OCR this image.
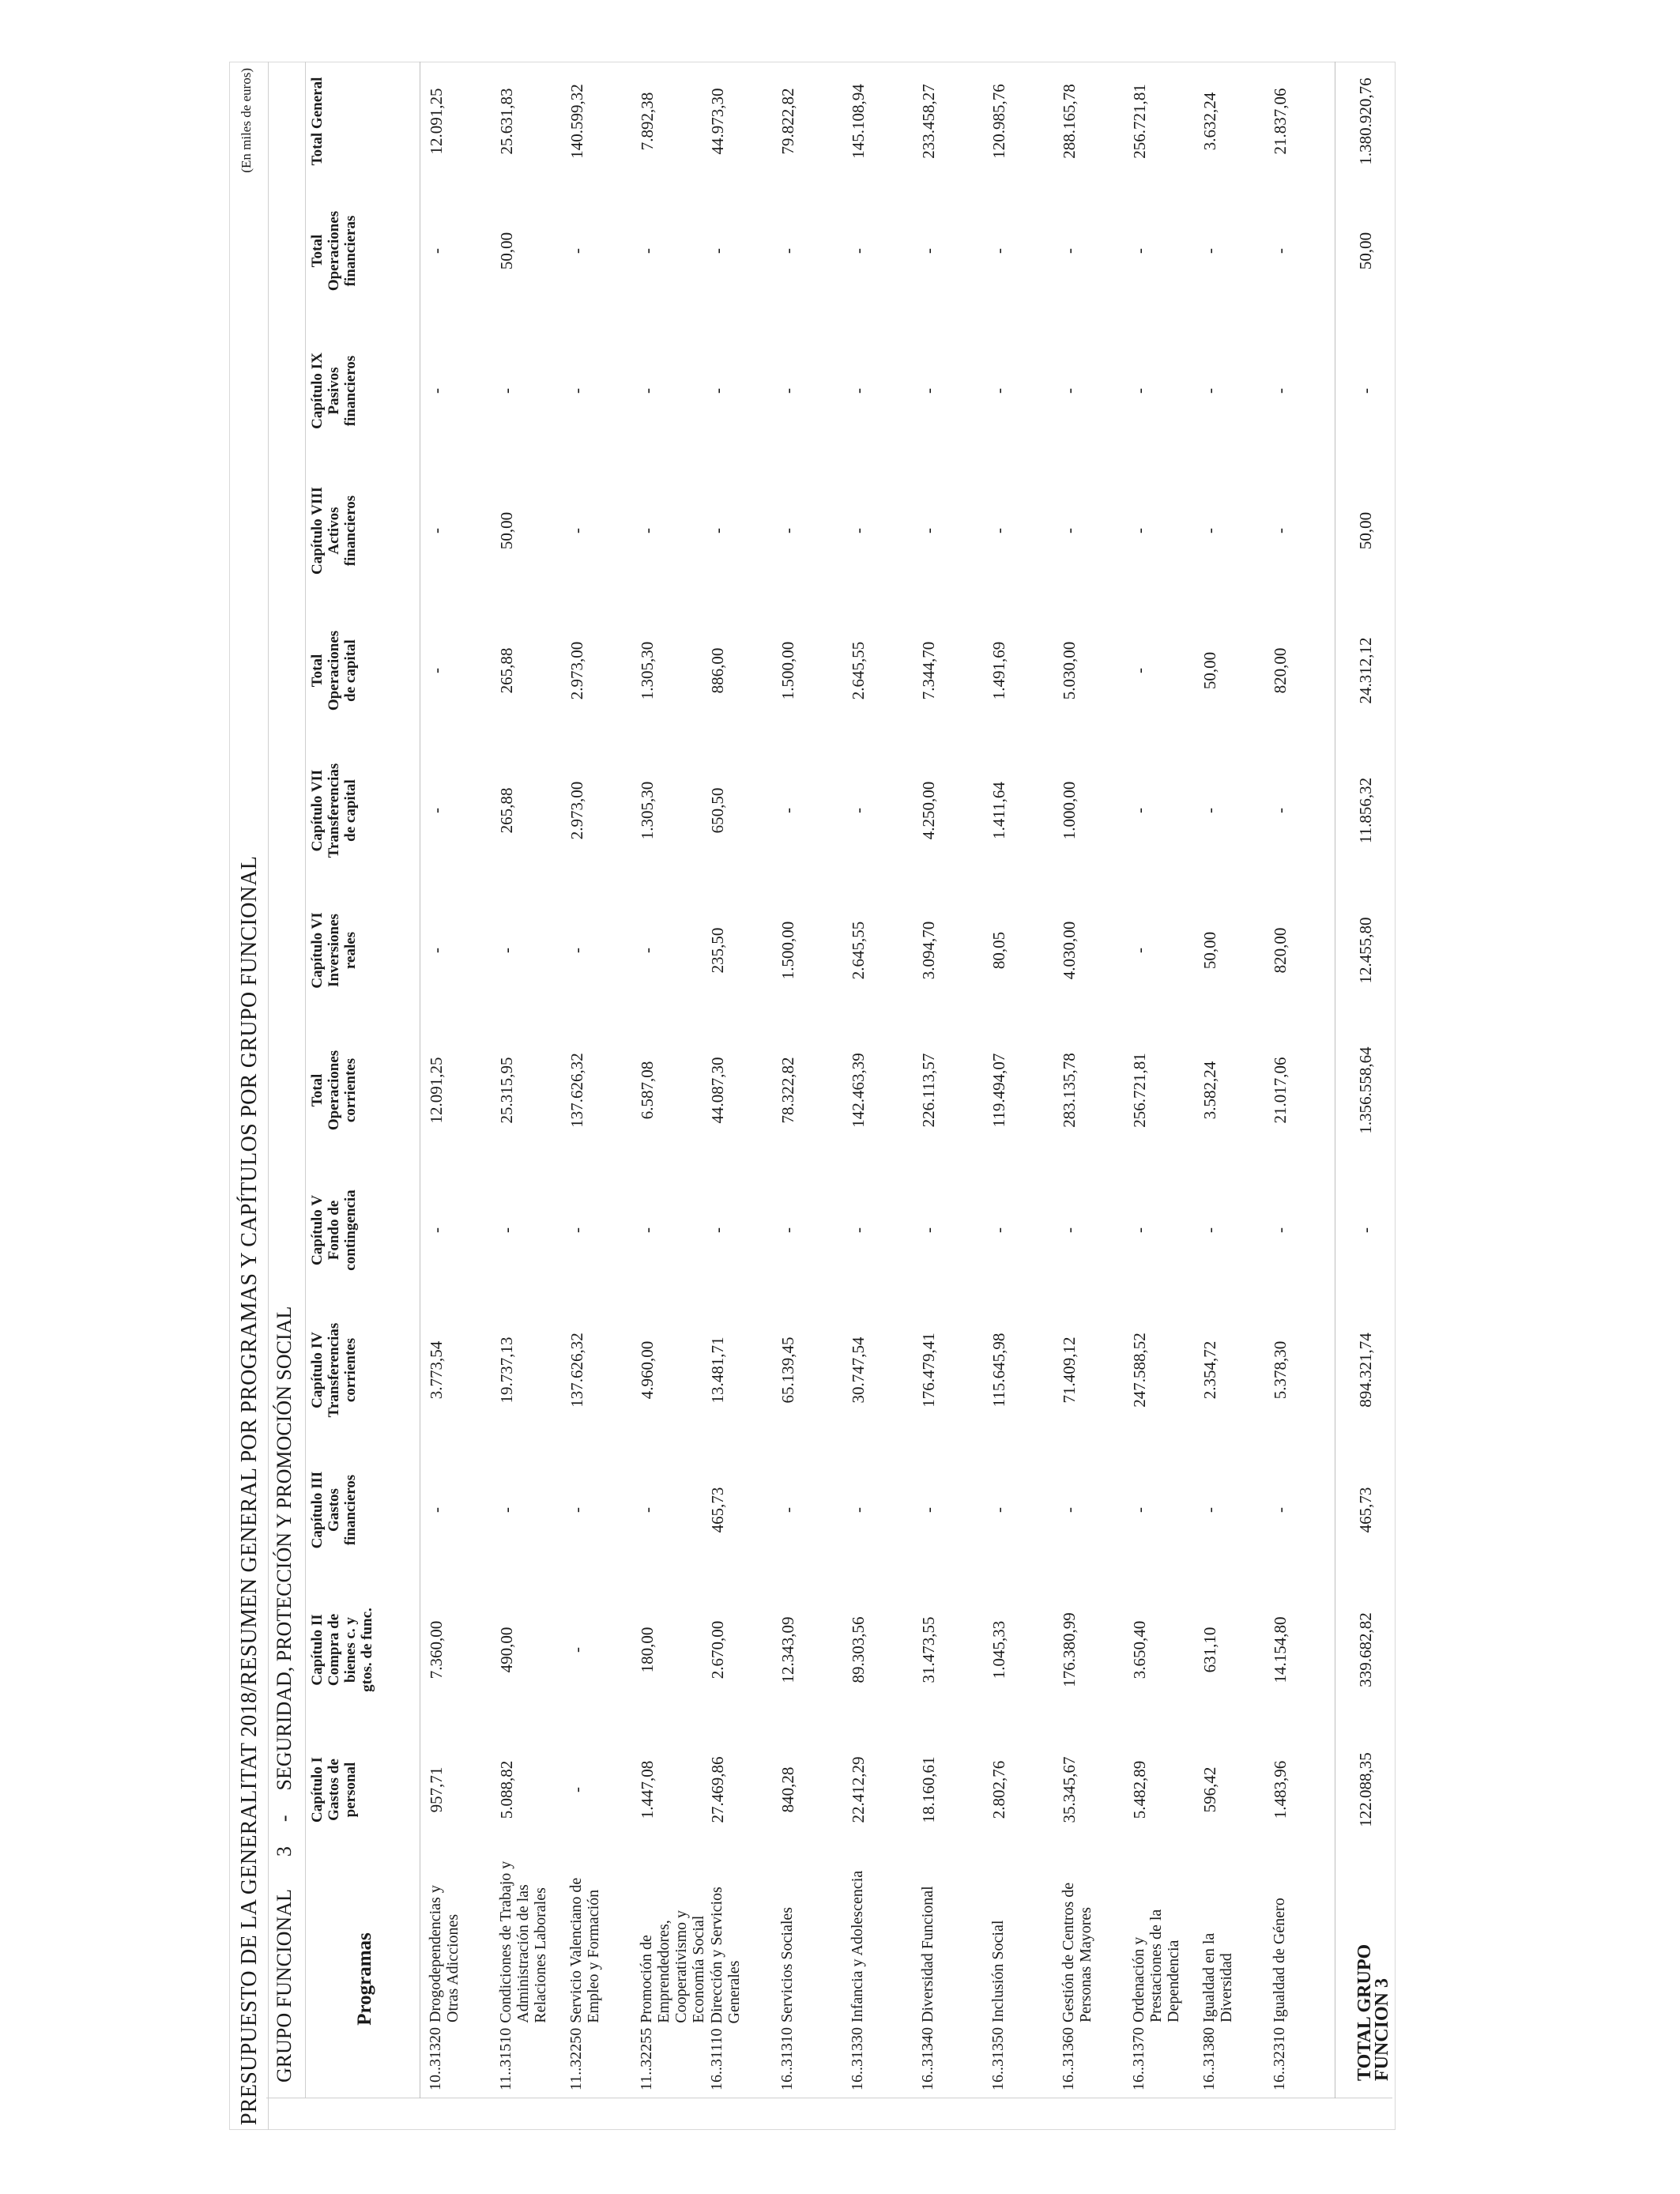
PRESUPUESTO DE LA GENERALITAT 2018/RESUMEN GENERAL POR PROGRAMAS Y CAPÍTULOS POR GRUPO FUNCIONAL
(En miles de euros)
GRUPO FUNCIONAL  3  -  SEGURIDAD, PROTECCIÓN Y PROMOCIÓN SOCIAL
Programas
Capítulo I
Gastos de
personal
Capítulo II
Compra de
bienes c. y
gtos. de func.
Capítulo III
Gastos
financieros
Capítulo IV
Transferencias
corrientes
Capítulo V
Fondo de
contingencia
Total
Operaciones
corrientes
Capítulo VI
Inversiones
reales
Capítulo VII
Transferencias
de capital
Total
Operaciones
de capital
Capítulo VIII
Activos
financieros
Capítulo IX
Pasivos
financieros
Total
Operaciones
financieras
Total General
10..31320
Drogodependencias y Otras Adicciones
957,71
7.360,00
-
3.773,54
-
12.091,25
-
-
-
-
-
-
12.091,25
11..31510
Condiciones de Trabajo y Administración de las Relaciones Laborales
5.088,82
490,00
-
19.737,13
-
25.315,95
-
265,88
265,88
50,00
-
50,00
25.631,83
11..32250
Servicio Valenciano de Empleo y Formación
-
-
-
137.626,32
-
137.626,32
-
2.973,00
2.973,00
-
-
-
140.599,32
11..32255
Promoción de Emprendedores, Cooperativismo y Economía Social
1.447,08
180,00
-
4.960,00
-
6.587,08
-
1.305,30
1.305,30
-
-
-
7.892,38
16..31110
Dirección y Servicios Generales
27.469,86
2.670,00
465,73
13.481,71
-
44.087,30
235,50
650,50
886,00
-
-
-
44.973,30
16..31310
Servicios Sociales
840,28
12.343,09
-
65.139,45
-
78.322,82
1.500,00
-
1.500,00
-
-
-
79.822,82
16..31330
Infancia y Adolescencia
22.412,29
89.303,56
-
30.747,54
-
142.463,39
2.645,55
-
2.645,55
-
-
-
145.108,94
16..31340
Diversidad Funcional
18.160,61
31.473,55
-
176.479,41
-
226.113,57
3.094,70
4.250,00
7.344,70
-
-
-
233.458,27
16..31350
Inclusión Social
2.802,76
1.045,33
-
115.645,98
-
119.494,07
80,05
1.411,64
1.491,69
-
-
-
120.985,76
16..31360
Gestión de Centros de Personas Mayores
35.345,67
176.380,99
-
71.409,12
-
283.135,78
4.030,00
1.000,00
5.030,00
-
-
-
288.165,78
16..31370
Ordenación y Prestaciones de la Dependencia
5.482,89
3.650,40
-
247.588,52
-
256.721,81
-
-
-
-
-
-
256.721,81
16..31380
Igualdad en la Diversidad
596,42
631,10
-
2.354,72
-
3.582,24
50,00
-
50,00
-
-
-
3.632,24
16..32310
Igualdad de Género
1.483,96
14.154,80
-
5.378,30
-
21.017,06
820,00
-
820,00
-
-
-
21.837,06
TOTAL GRUPO FUNCION 3
122.088,35
339.682,82
465,73
894.321,74
-
1.356.558,64
12.455,80
11.856,32
24.312,12
50,00
-
50,00
1.380.920,76
